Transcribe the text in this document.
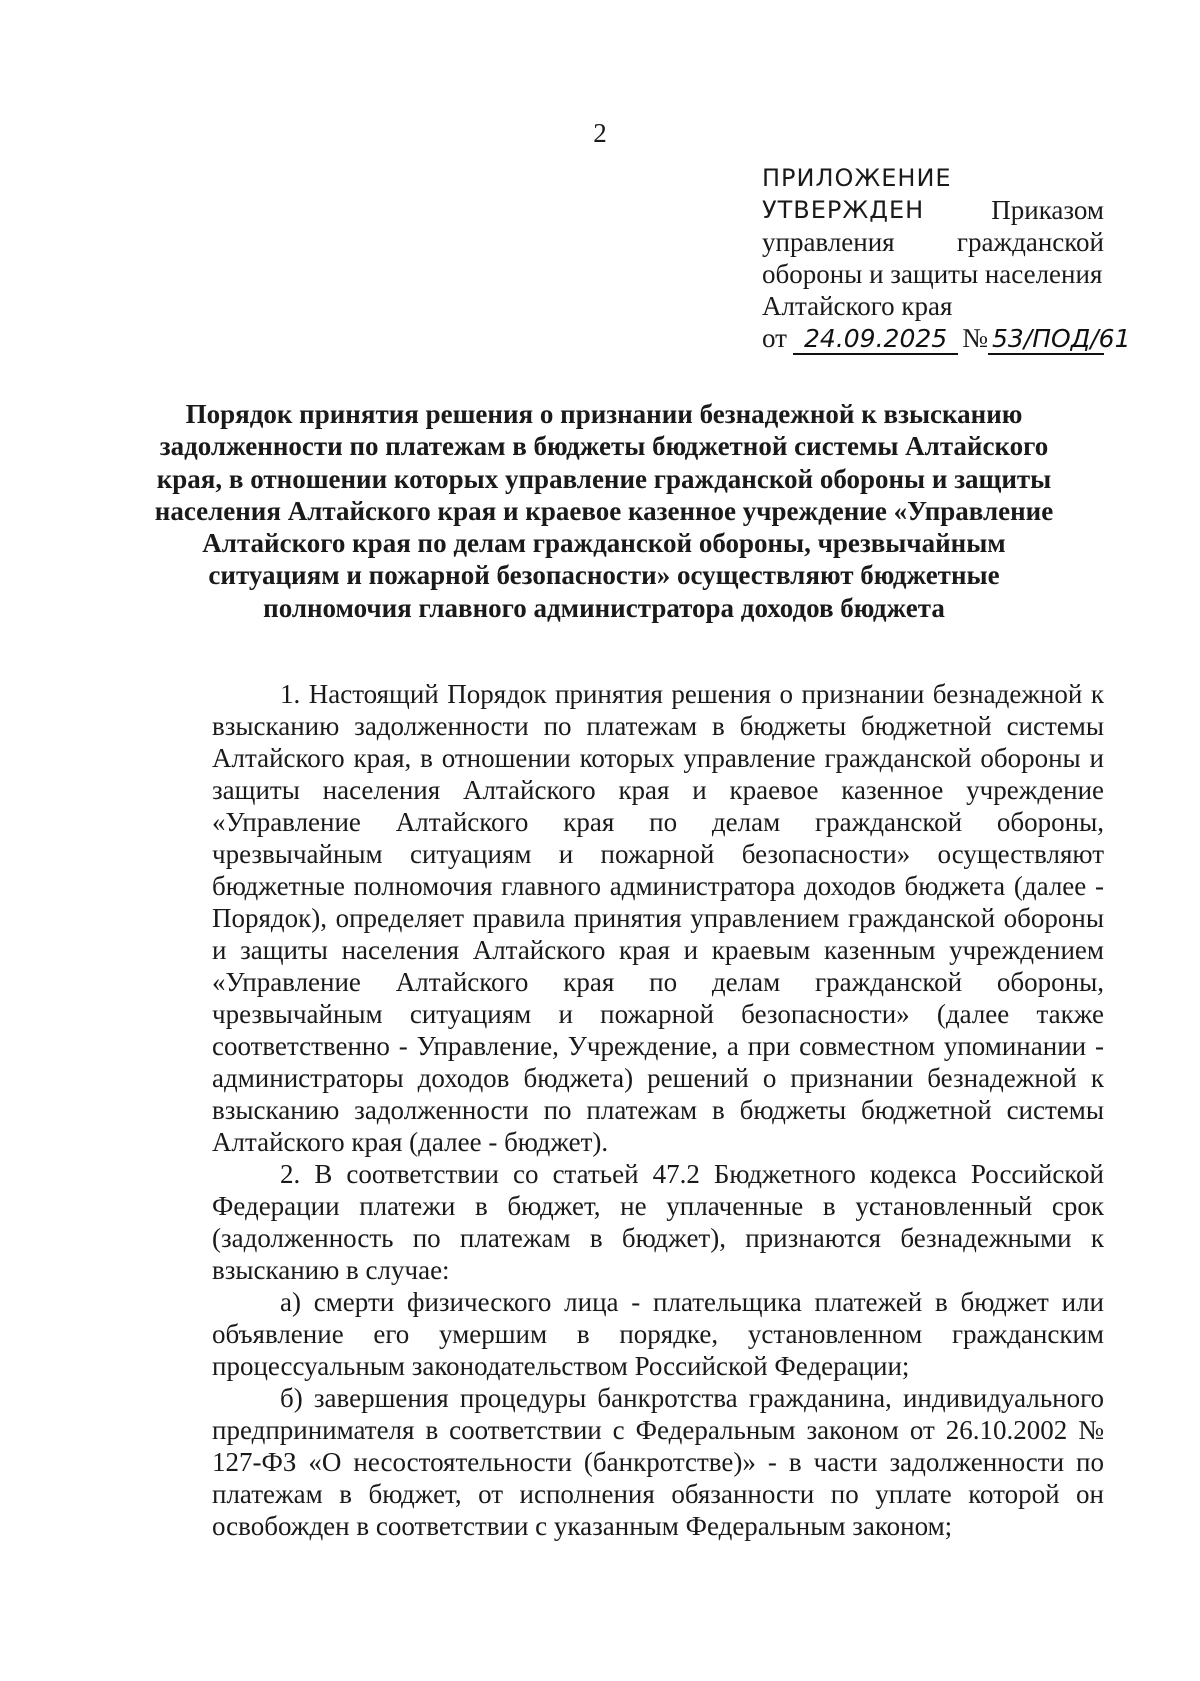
2
ПРИЛОЖЕНИЕ
УТВЕРЖДЕН Приказом
управления гражданской
обороны и защиты населения
Алтайского края
от 24.09.2025 № 53/ПОД/61
Порядок принятия решения о признании безнадежной к взысканию задолженности по платежам в бюджеты бюджетной системы Алтайского края, в отношении которых управление гражданской обороны и защиты населения Алтайского края и краевое казенное учреждение «Управление Алтайского края по делам гражданской обороны, чрезвычайным ситуациям и пожарной безопасности» осуществляют бюджетные полномочия главного администратора доходов бюджета

1. Настоящий Порядок принятия решения о признании безнадежной к взысканию задолженности по платежам в бюджеты бюджетной системы Алтайского края, в отношении которых управление гражданской обороны и защиты населения Алтайского края и краевое казенное учреждение «Управление Алтайского края по делам гражданской обороны, чрезвычайным ситуациям и пожарной безопасности» осуществляют бюджетные полномочия главного администратора доходов бюджета (далее - Порядок), определяет правила принятия управлением гражданской обороны и защиты населения Алтайского края и краевым казенным учреждением «Управление Алтайского края по делам гражданской обороны, чрезвычайным ситуациям и пожарной безопасности» (далее также соответственно - Управление, Учреждение, а при совместном упоминании - администраторы доходов бюджета) решений о признании безнадежной к взысканию задолженности по платежам в бюджеты бюджетной системы Алтайского края (далее - бюджет).

2. В соответствии со статьей 47.2 Бюджетного кодекса Российской Федерации платежи в бюджет, не уплаченные в установленный срок (задолженность по платежам в бюджет), признаются безнадежными к взысканию в случае:

а) смерти физического лица - плательщика платежей в бюджет или объявление его умершим в порядке, установленном гражданским процессуальным законодательством Российской Федерации;

б) завершения процедуры банкротства гражданина, индивидуального предпринимателя в соответствии с Федеральным законом от 26.10.2002 № 127-ФЗ «О несостоятельности (банкротстве)» - в части задолженности по платежам в бюджет, от исполнения обязанности по уплате которой он освобожден в соответствии с указанным Федеральным законом;
